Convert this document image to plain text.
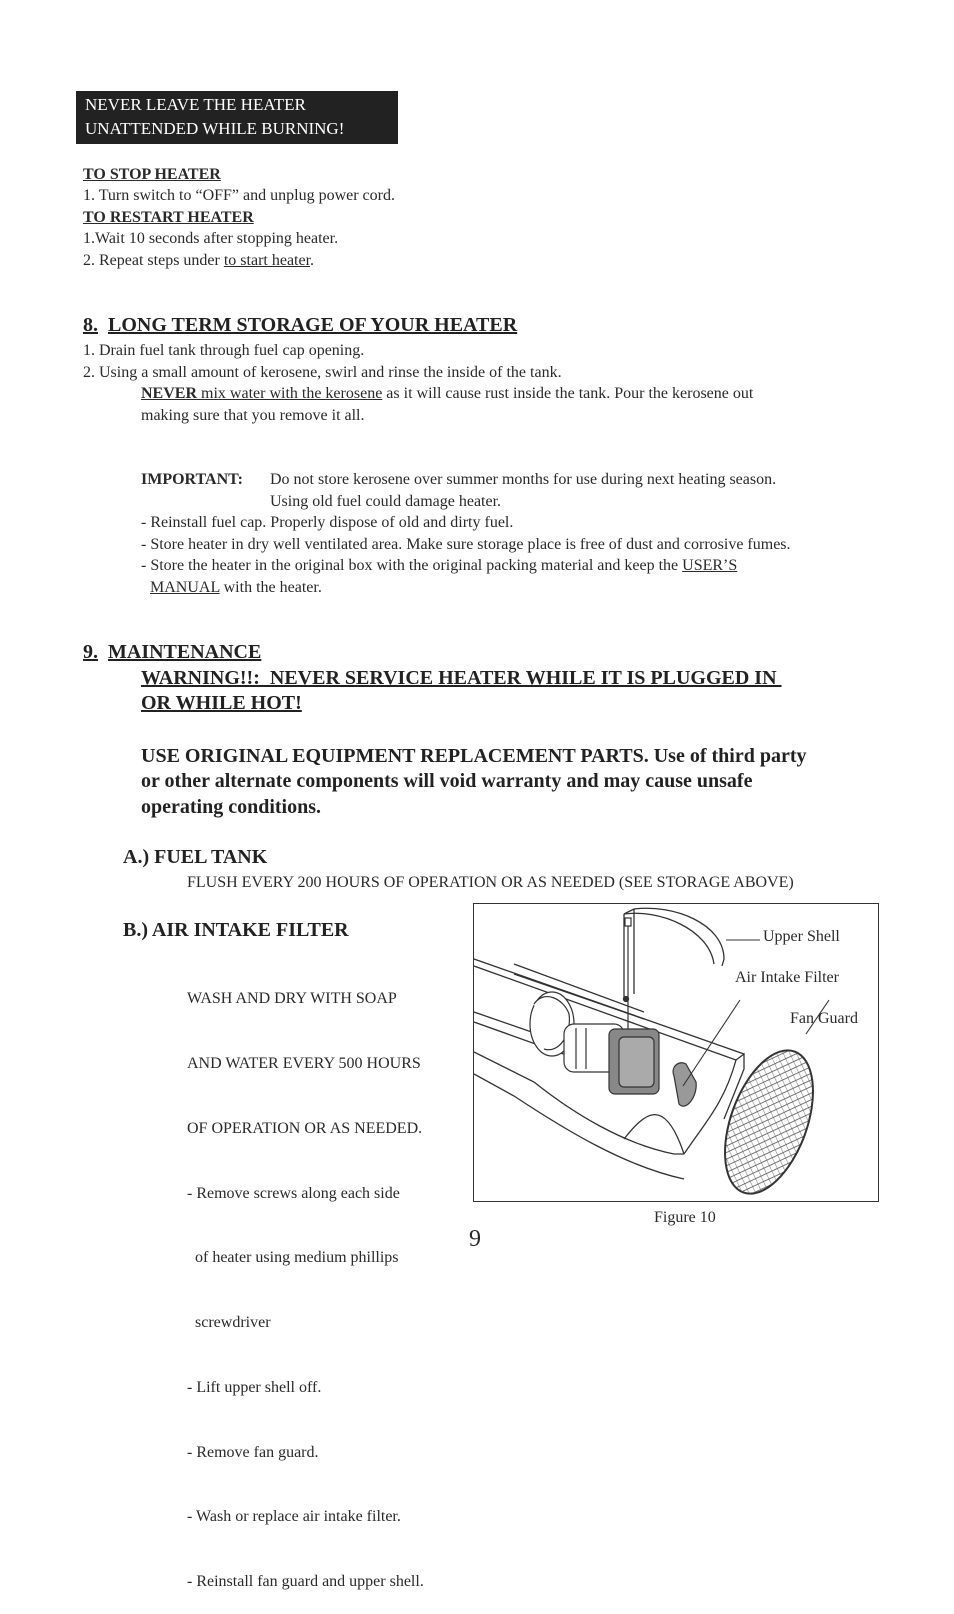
NEVER LEAVE THE HEATER
UNATTENDED WHILE BURNING!
TO STOP HEATER
1. Turn switch to “OFF” and unplug power cord.
TO RESTART HEATER
1.Wait 10 seconds after stopping heater.
2. Repeat steps under to start heater.
8. LONG TERM STORAGE OF YOUR HEATER
1. Drain fuel tank through fuel cap opening.
2. Using a small amount of kerosene, swirl and rinse the inside of the tank.
NEVER mix water with the kerosene as it will cause rust inside the tank. Pour the kerosene out
making sure that you remove it all.
IMPORTANT: Do not store kerosene over summer months for use during next heating season.
Using old fuel could damage heater.
- Reinstall fuel cap. Properly dispose of old and dirty fuel.
- Store heater in dry well ventilated area. Make sure storage place is free of dust and corrosive fumes.
- Store the heater in the original box with the original packing material and keep the USER’S
MANUAL with the heater.
9. MAINTENANCE
WARNING!!:  NEVER SERVICE HEATER WHILE IT IS PLUGGED IN
OR WHILE HOT!
USE ORIGINAL EQUIPMENT REPLACEMENT PARTS. Use of third party
or other alternate components will void warranty and may cause unsafe
operating conditions.
A.) FUEL TANK
FLUSH EVERY 200 HOURS OF OPERATION OR AS NEEDED (SEE STORAGE ABOVE)
B.) AIR INTAKE FILTER

WASH AND DRY WITH SOAP

AND WATER EVERY 500 HOURS

OF OPERATION OR AS NEEDED.

- Remove screws along each side

of heater using medium phillips

screwdriver

- Lift upper shell off.

- Remove fan guard.

- Wash or replace air intake filter.

- Reinstall fan guard and upper shell.

Upper Shell
Air Intake Filter
Fan Guard
Figure 10
9
